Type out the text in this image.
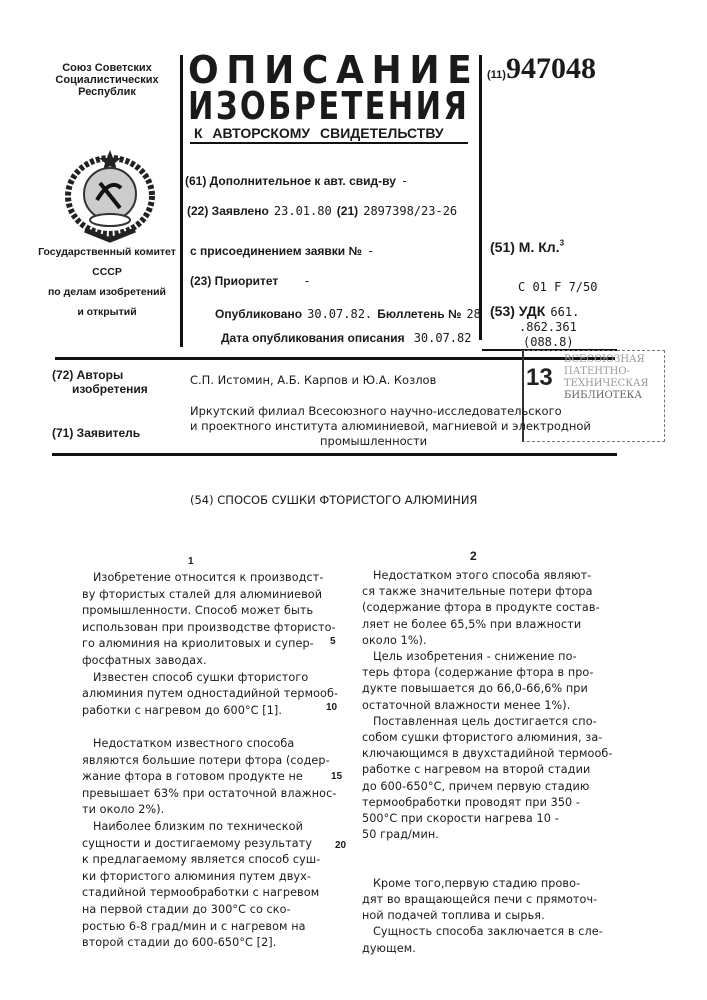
Союз Советских
Социалистических
Республик
Государственный комитет
СССР
по делам изобретений
и открытий
ОПИСАНИЕ
ИЗОБРЕТЕНИЯ
К АВТОРСКОМУ СВИДЕТЕЛЬСТВУ
(11)947048
(61) Дополнительное к авт. свид-ву -
(22) Заявлено 23.01.80 (21) 2897398/23-26
с присоединением заявки № -
(23) Приоритет -
Опубликовано 30.07.82. Бюллетень № 28
Дата опубликования описания 30.07.82
(51) М. Кл.3
C 01 F 7/50
(53) УДК 661.
.862.361
(088.8)
ВСЕСОЮЗНАЯ
13 ПАТЕНТНО-
ТЕХНИЧЕСКАЯ
БИБЛИОТЕКА
(72) Авторы
изобретения
С.П. Истомин, А.Б. Карпов и Ю.А. Козлов
(71) Заявитель
Иркутский филиал Всесоюзного научно-исследовательского
и проектного института алюминиевой, магниевой и электродной
промышленности
(54) СПОСОБ СУШКИ ФТОРИСТОГО АЛЮМИНИЯ
1	2
Изобретение относится к производст-
ву фтористых сталей для алюминиевой
промышленности. Способ может быть
использован при производстве фтористо-
го алюминия на криолитовых и супер-
фосфатных заводах.
Известен способ сушки фтористого
алюминия путем одностадийной термооб-
работки с нагревом до 600°С [1].
Недостатком известного способа
являются большие потери фтора (содер-
жание фтора в готовом продукте не
превышает 63% при остаточной влажнос-
ти около 2%).
Наиболее близким по технической
сущности и достигаемому результату
к предлагаемому является способ суш-
ки фтористого алюминия путем двух-
стадийной термообработки с нагревом
на первой стадии до 300°С со ско-
ростью 6-8 град/мин и с нагревом на
второй стадии до 600-650°С [2].
Недостатком этого способа являют-
ся также значительные потери фтора
(содержание фтора в продукте состав-
ляет не более 65,5% при влажности
около 1%).
Цель изобретения - снижение по-
терь фтора (содержание фтора в про-
дукте повышается до 66,0-66,6% при
остаточной влажности менее 1%).
Поставленная цель достигается спо-
собом сушки фтористого алюминия, за-
ключающимся в двухстадийной термооб-
работке с нагревом на второй стадии
до 600-650°С, причем первую стадию
термообработки проводят при 350 -
500°С при скорости нагрева 10 -
50 град/мин.
Кроме того,первую стадию прово-
дят во вращающейся печи с прямоточ-
ной подачей топлива и сырья.
Сущность способа заключается в сле-
дующем.
5
10
15
20
